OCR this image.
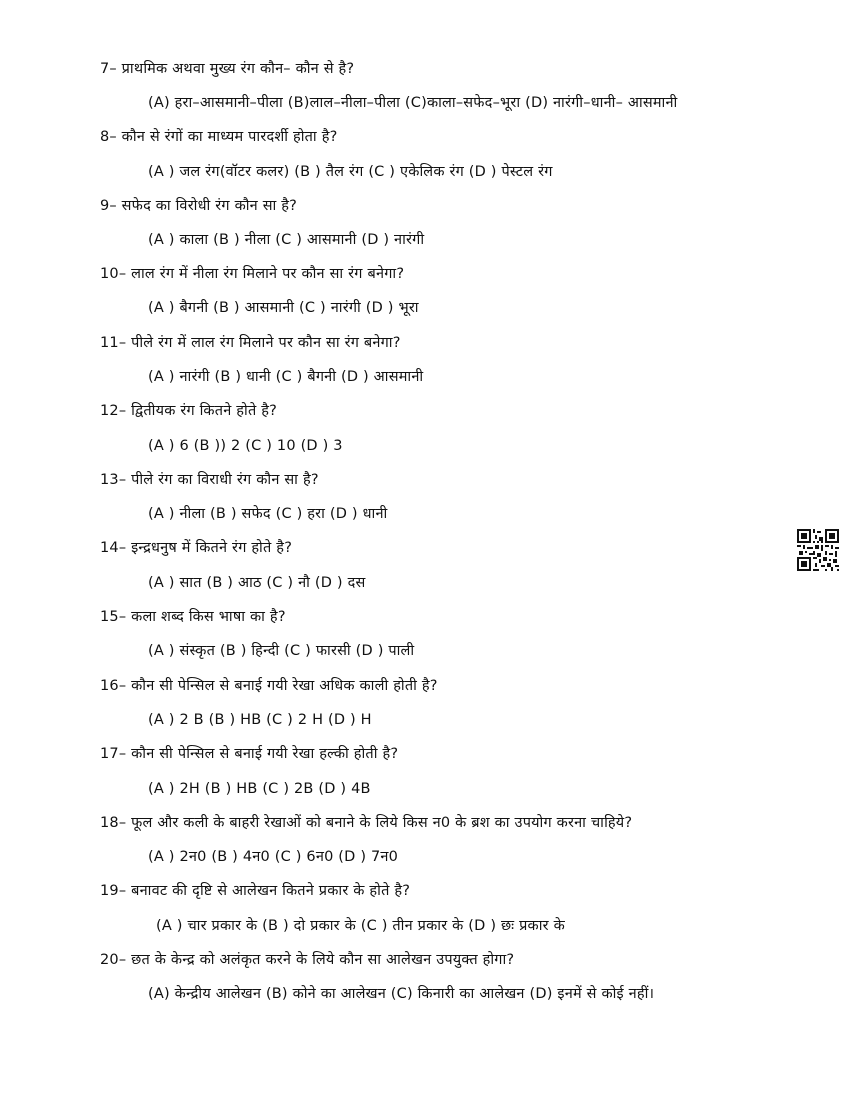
7– प्राथमिक अथवा मुख्य रंग कौन– कौन से है?
(A) हरा–आसमानी–पीला (B)लाल–नीला–पीला (C)काला–सफेद–भूरा (D) नारंगी–धानी– आसमानी
8– कौन से रंगों का माध्यम पारदर्शी होता है?
(A ) जल रंग(वॉटर कलर) (B ) तैल रंग (C ) एकेलिक रंग (D ) पेस्टल रंग
9– सफेद का विरोधी रंग कौन सा है?
(A ) काला (B ) नीला (C ) आसमानी (D ) नारंगी
10– लाल रंग में नीला रंग मिलाने पर कौन सा रंग बनेगा?
(A ) बैगनी (B ) आसमानी (C ) नारंगी (D ) भूरा
11– पीले रंग में लाल रंग मिलाने पर कौन सा रंग बनेगा?
(A ) नारंगी (B ) धानी (C ) बैगनी (D ) आसमानी
12– द्वितीयक रंग कितने होते है?
(A ) 6 (B )) 2 (C ) 10 (D ) 3
13– पीले रंग का विराधी रंग कौन सा है?
(A ) नीला (B ) सफेद (C ) हरा (D ) धानी
14– इन्द्रधनुष में कितने रंग होते है?
(A ) सात (B ) आठ (C ) नौ (D ) दस
15– कला शब्द किस भाषा का है?
(A ) संस्कृत (B ) हिन्दी (C ) फारसी (D ) पाली
16– कौन सी पेन्सिल से बनाई गयी रेखा अधिक काली होती है?
(A ) 2 B (B ) HB (C ) 2 H (D ) H
17– कौन सी पेन्सिल से बनाई गयी रेखा हल्की होती है?
(A ) 2H (B ) HB (C ) 2B (D ) 4B
18– फूल और कली के बाहरी रेखाओं को बनाने के लिये किस न0 के ब्रश का उपयोग करना चाहिये?
(A ) 2न0 (B ) 4न0 (C ) 6न0 (D ) 7न0
19– बनावट की दृष्टि से आलेखन कितने प्रकार के होते है?
(A ) चार प्रकार के (B ) दो प्रकार के (C ) तीन प्रकार के (D ) छः प्रकार के
20– छत के केन्द्र को अलंकृत करने के लिये कौन सा आलेखन उपयुक्त होगा?
(A) केन्द्रीय आलेखन (B) कोने का आलेखन (C) किनारी का आलेखन (D) इनमें से कोई नहीं।
